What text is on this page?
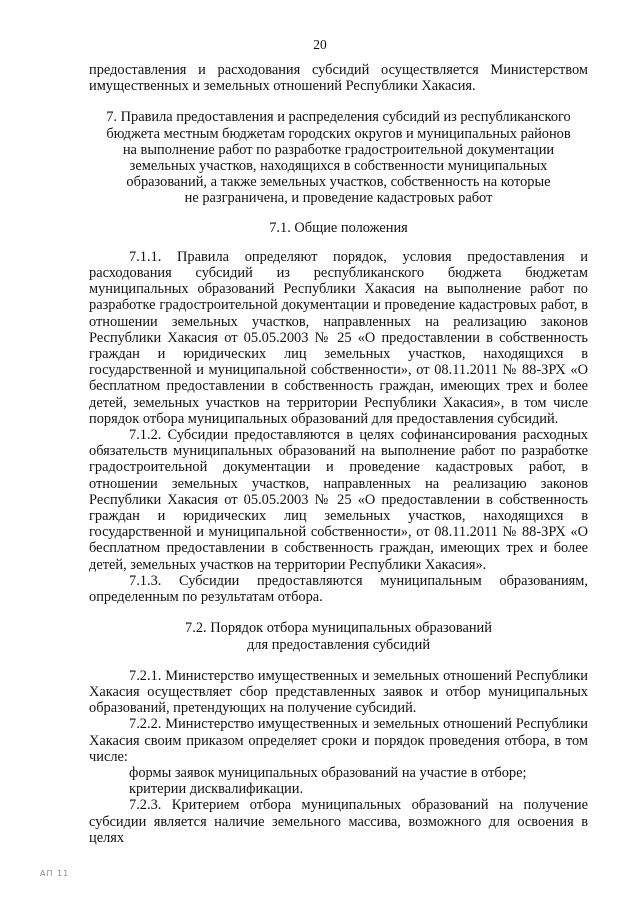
20

предоставления и расходования субсидий осуществляется Министерством имущественных и земельных отношений Республики Хакасия.

7. Правила предоставления и распределения субсидий из республиканского

бюджета местным бюджетам городских округов и муниципальных районов

на выполнение работ по разработке градостроительной документации

земельных участков, находящихся в собственности муниципальных

образований, а также земельных участков, собственность на которые

не разграничена, и проведение кадастровых работ

7.1. Общие положения

7.1.1. Правила определяют порядок, условия предоставления и расходования субсидий из республиканского бюджета бюджетам муниципальных образований Республики Хакасия на выполнение работ по разработке градостроительной документации и проведение кадастровых работ, в отношении земельных участков, направленных на реализацию законов Республики Хакасия от 05.05.2003 № 25 «О предоставлении в собственность граждан и юридических лиц земельных участков, находящихся в государственной и муниципальной собственности», от 08.11.2011 № 88-ЗРХ «О бесплатном предоставлении в собственность граждан, имеющих трех и более детей, земельных участков на территории Республики Хакасия», в том числе порядок отбора муниципальных образований для предоставления субсидий.

7.1.2. Субсидии предоставляются в целях софинансирования расходных обязательств муниципальных образований на выполнение работ по разработке градостроительной документации и проведение кадастровых работ, в отношении земельных участков, направленных на реализацию законов Республики Хакасия от 05.05.2003 № 25 «О предоставлении в собственность граждан и юридических лиц земельных участков, находящихся в государственной и муниципальной собственности», от 08.11.2011 № 88-ЗРХ «О бесплатном предоставлении в собственность граждан, имеющих трех и более детей, земельных участков на территории Республики Хакасия».

7.1.3. Субсидии предоставляются муниципальным образованиям, определенным по результатам отбора.

7.2. Порядок отбора муниципальных образований

для предоставления субсидий

7.2.1. Министерство имущественных и земельных отношений Республики Хакасия осуществляет сбор представленных заявок и отбор муниципальных образований, претендующих на получение субсидий.

7.2.2. Министерство имущественных и земельных отношений Республики Хакасия своим приказом определяет сроки и порядок проведения отбора, в том числе:

формы заявок муниципальных образований на участие в отборе;

критерии дисквалификации.

7.2.3. Критерием отбора муниципальных образований на получение субсидии является наличие земельного массива, возможного для освоения в целях

АП 11
